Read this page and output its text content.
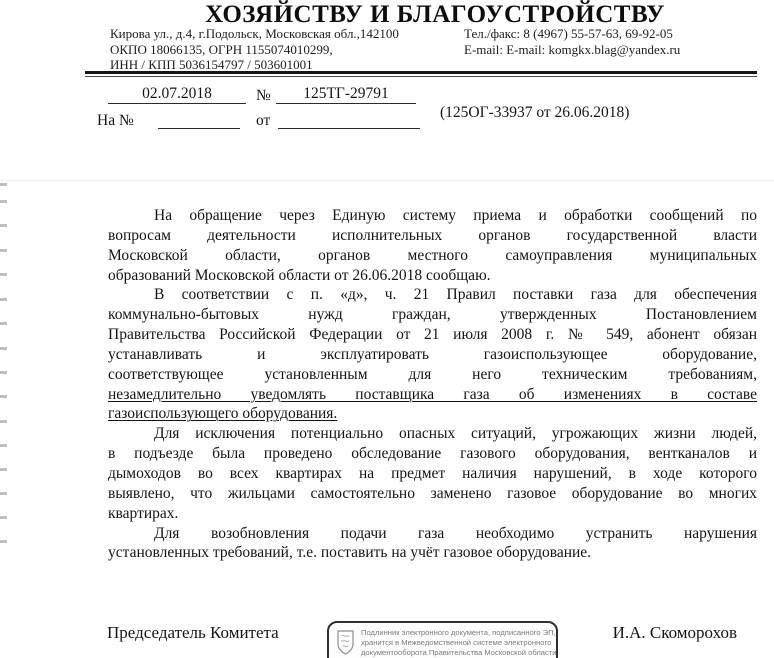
ХОЗЯЙСТВУ И БЛАГОУСТРОЙСТВУ
Кирова ул., д.4, г.Подольск, Московская обл.,142100
ОКПО 18066135, ОГРН 1155074010299,
ИНН / КПП 5036154797 / 503601001
Тел./факс: 8 (4967) 55-57-63, 69-92-05
E-mail: E-mail: komgkx.blag@yandex.ru
02.07.2018	№	125ТГ-29791
На №	от	(125ОГ-33937 от 26.06.2018)
На обращение через Единую систему приема и обработки сообщений по
вопросам деятельности исполнительных органов государственной власти
Московской области, органов местного самоуправления муниципальных
образований Московской области от 26.06.2018 сообщаю.
В соответствии с п. «д», ч. 21 Правил поставки газа для обеспечения
коммунально-бытовых нужд граждан, утвержденных Постановлением
Правительства Российской Федерации от 21 июля 2008 г. № 549, абонент обязан
устанавливать и эксплуатировать газоиспользующее оборудование,
соответствующее установленным для него техническим требованиям,
незамедлительно уведомлять поставщика газа об изменениях в составе
газоиспользующего оборудования.
Для исключения потенциально опасных ситуаций, угрожающих жизни людей,
в подъезде была проведено обследование газового оборудования, вентканалов и
дымоходов во всех квартирах на предмет наличия нарушений, в ходе которого
выявлено, что жильцами самостоятельно заменено газовое оборудование во многих
квартирах.
Для возобновления подачи газа необходимо устранить нарушения
установленных требований, т.е. поставить на учёт газовое оборудование.
Председатель Комитета	Подлинник электронного документа, подписанного ЭП,
хранится в Межведомственной системе электронного
документооборота Правительства Московской области
И.А. Скоморохов
